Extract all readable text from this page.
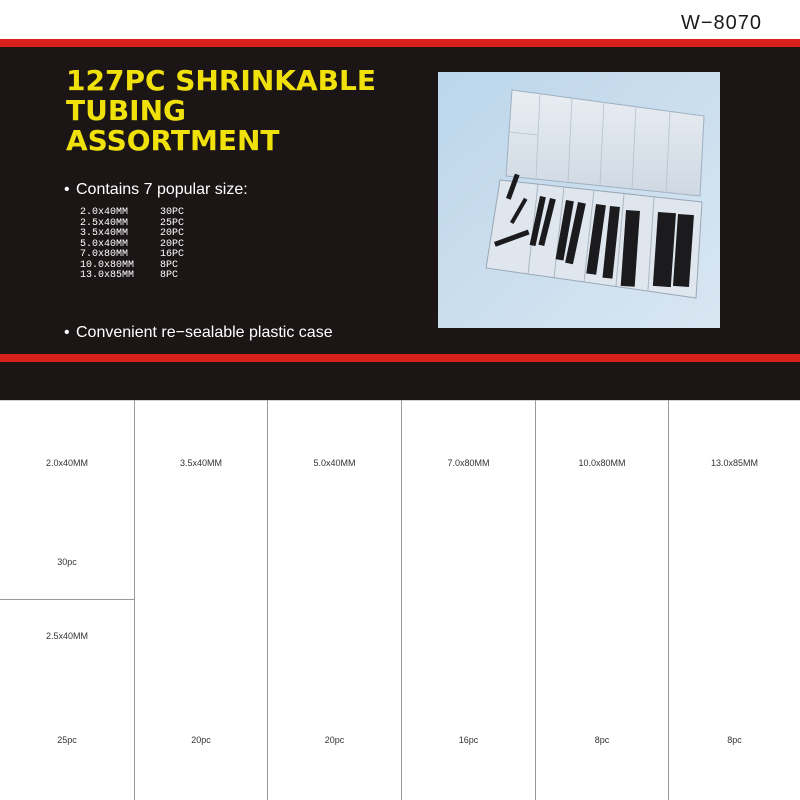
W−8070
127PC SHRINKABLE
TUBING
ASSORTMENT
• Contains 7 popular size:
2.0x40MM	30PC
2.5x40MM	25PC
3.5x40MM	20PC
5.0x40MM	20PC
7.0x80MM	16PC
10.0x80MM	8PC
13.0x85MM	8PC
• Convenient re−sealable plastic case
2.0x40MM
30pc
2.5x40MM
25pc
3.5x40MM
20pc
5.0x40MM
20pc
7.0x80MM
16pc
10.0x80MM
8pc
13.0x85MM
8pc
